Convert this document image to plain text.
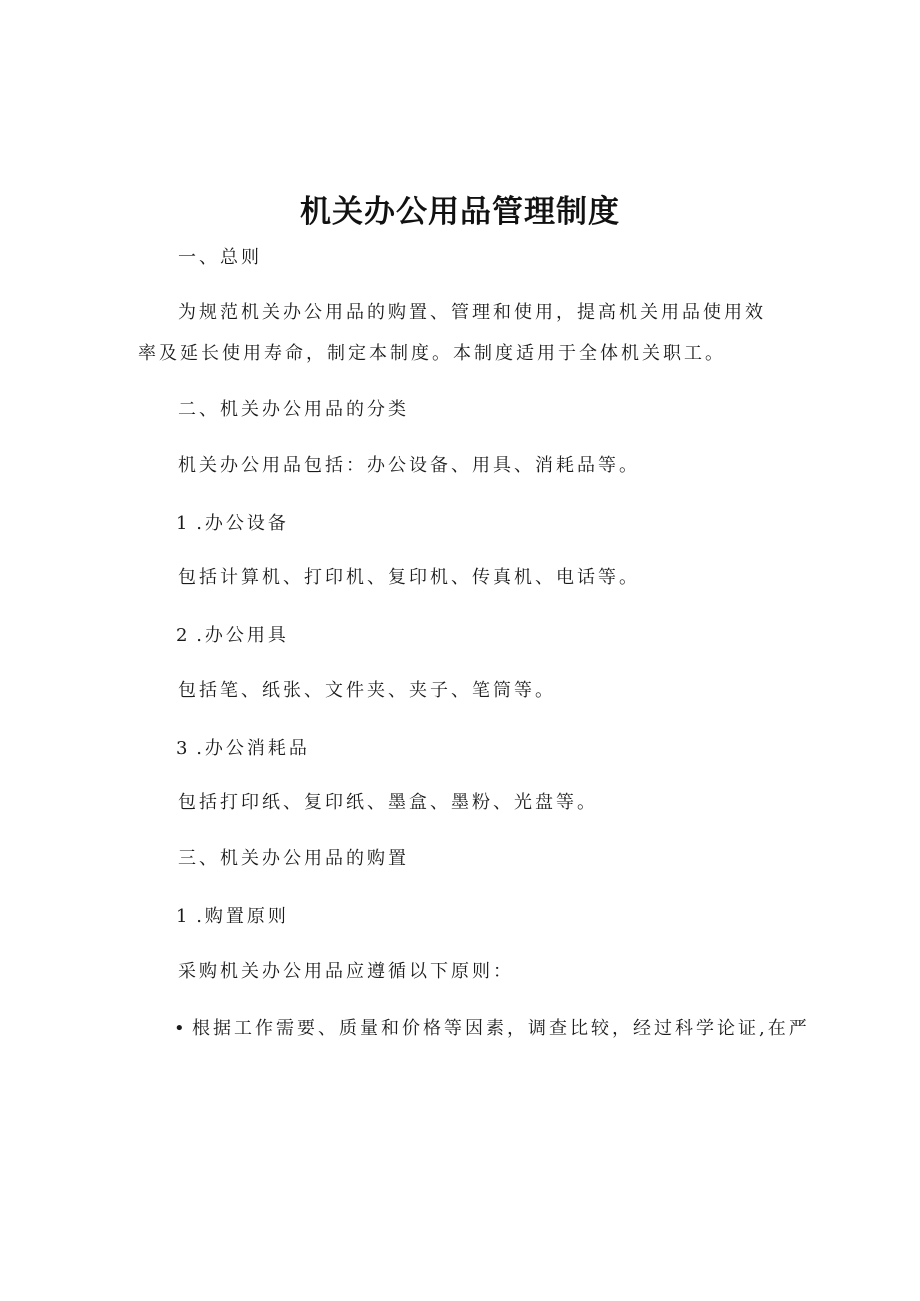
机关办公用品管理制度
一、总则
为规范机关办公用品的购置、管理和使用，提高机关用品使用效率及延长使用寿命，制定本制度。本制度适用于全体机关职工。
二、机关办公用品的分类
机关办公用品包括：办公设备、用具、消耗品等。
1 .办公设备
包括计算机、打印机、复印机、传真机、电话等。
2 .办公用具
包括笔、纸张、文件夹、夹子、笔筒等。
3 .办公消耗品
包括打印纸、复印纸、墨盒、墨粉、光盘等。
三、机关办公用品的购置
1 .购置原则
采购机关办公用品应遵循以下原则：
• 根据工作需要、质量和价格等因素，调查比较，经过科学论证,在严
